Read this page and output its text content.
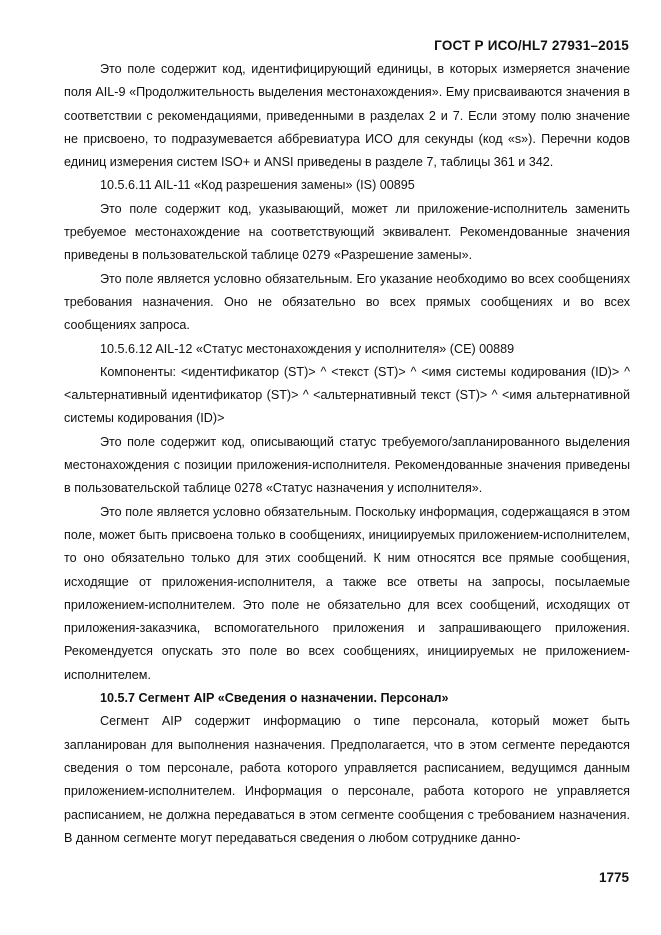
ГОСТ Р ИСО/HL7 27931–2015

Это поле содержит код, идентифицирующий единицы, в которых измеряется значение поля AIL-9 «Продолжительность выделения местонахождения». Ему присваиваются значения в соответствии с рекомендациями, приведенными в разделах 2 и 7. Если этому полю значение не присвоено, то подразумевается аббревиатура ИСО для секунды (код «s»). Перечни кодов единиц измерения систем ISO+ и ANSI приведены в разделе 7, таблицы 361 и 342.

10.5.6.11 AIL-11 «Код разрешения замены» (IS) 00895

Это поле содержит код, указывающий, может ли приложение-исполнитель заменить требуемое местонахождение на соответствующий эквивалент. Рекомендованные значения приведены в пользовательской таблице 0279 «Разрешение замены».

Это поле является условно обязательным. Его указание необходимо во всех сообщениях требования назначения. Оно не обязательно во всех прямых сообщениях и во всех сообщениях запроса.

10.5.6.12 AIL-12 «Статус местонахождения у исполнителя» (CE) 00889

Компоненты: <идентификатор (ST)> ^ <текст (ST)> ^ <имя системы кодирования (ID)> ^ <альтернативный идентификатор (ST)> ^ <альтернативный текст (ST)> ^ <имя альтернативной системы кодирования (ID)>

Это поле содержит код, описывающий статус требуемого/запланированного выделения местонахождения с позиции приложения-исполнителя. Рекомендованные значения приведены в пользовательской таблице 0278 «Статус назначения у исполнителя».

Это поле является условно обязательным. Поскольку информация, содержащаяся в этом поле, может быть присвоена только в сообщениях, инициируемых приложением-исполнителем, то оно обязательно только для этих сообщений. К ним относятся все прямые сообщения, исходящие от приложения-исполнителя, а также все ответы на запросы, посылаемые приложением-исполнителем. Это поле не обязательно для всех сообщений, исходящих от приложения-заказчика, вспомогательного приложения и запрашивающего приложения. Рекомендуется опускать это поле во всех сообщениях, инициируемых не приложением-исполнителем.

10.5.7 Сегмент AIP «Сведения о назначении. Персонал»

Сегмент AIP содержит информацию о типе персонала, который может быть запланирован для выполнения назначения. Предполагается, что в этом сегменте передаются сведения о том персонале, работа которого управляется расписанием, ведущимся данным приложением-исполнителем. Информация о персонале, работа которого не управляется расписанием, не должна передаваться в этом сегменте сообщения с требованием назначения. В данном сегменте могут передаваться сведения о любом сотруднике данно-

1775
